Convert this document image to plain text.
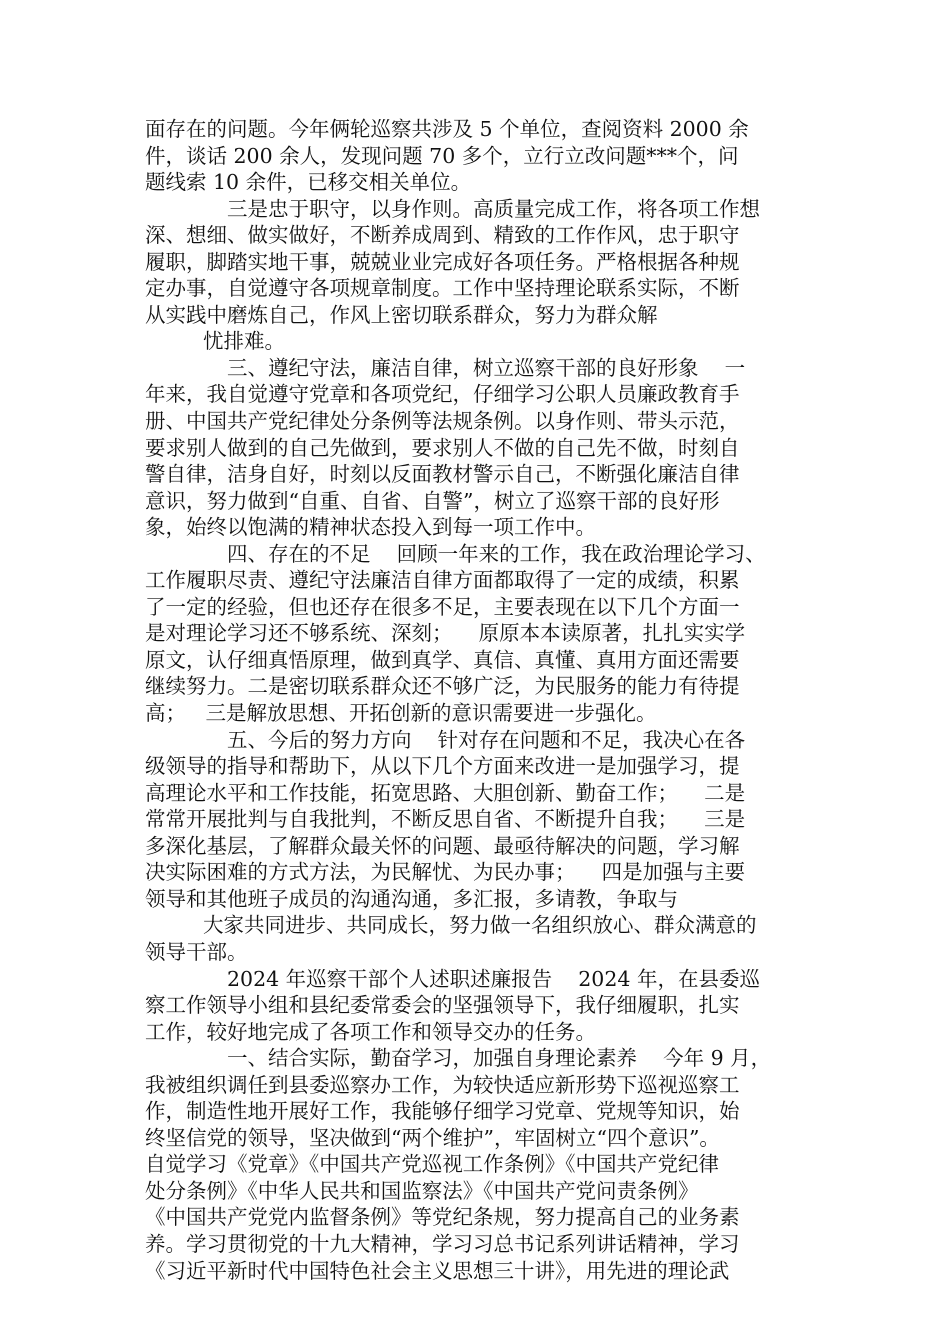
面存在的问题。今年俩轮巡察共涉及 5 个单位，查阅资料 2000 余
件，谈话 200 余人，发现问题 70 多个，立行立改问题***个，问
题线索 10 余件，已移交相关单位。
三是忠于职守，以身作则。高质量完成工作，将各项工作想
深、想细、做实做好，不断养成周到、精致的工作作风，忠于职守
履职，脚踏实地干事，兢兢业业完成好各项任务。严格根据各种规
定办事，自觉遵守各项规章制度。工作中坚持理论联系实际，不断
从实践中磨炼自己，作风上密切联系群众，努力为群众解
忧排难。
三、遵纪守法，廉洁自律，树立巡察干部的良好形象    一
年来，我自觉遵守党章和各项党纪，仔细学习公职人员廉政教育手
册、中国共产党纪律处分条例等法规条例。以身作则、带头示范，
要求别人做到的自己先做到，要求别人不做的自己先不做，时刻自
警自律，洁身自好，时刻以反面教材警示自己，不断强化廉洁自律
意识，努力做到“自重、自省、自警”，树立了巡察干部的良好形
象，始终以饱满的精神状态投入到每一项工作中。
四、存在的不足    回顾一年来的工作，我在政治理论学习、
工作履职尽责、遵纪守法廉洁自律方面都取得了一定的成绩，积累
了一定的经验，但也还存在很多不足，主要表现在以下几个方面一
是对理论学习还不够系统、深刻；    原原本本读原著，扎扎实实学
原文，认仔细真悟原理，做到真学、真信、真懂、真用方面还需要
继续努力。二是密切联系群众还不够广泛，为民服务的能力有待提
高；   三是解放思想、开拓创新的意识需要进一步强化。
五、今后的努力方向    针对存在问题和不足，我决心在各
级领导的指导和帮助下，从以下几个方面来改进一是加强学习，提
高理论水平和工作技能，拓宽思路、大胆创新、勤奋工作；    二是
常常开展批判与自我批判，不断反思自省、不断提升自我；    三是
多深化基层，了解群众最关怀的问题、最亟待解决的问题，学习解
决实际困难的方式方法，为民解忧、为民办事；    四是加强与主要
领导和其他班子成员的沟通沟通，多汇报，多请教，争取与
大家共同进步、共同成长，努力做一名组织放心、群众满意的
领导干部。
2024 年巡察干部个人述职述廉报告    2024 年，在县委巡
察工作领导小组和县纪委常委会的坚强领导下，我仔细履职，扎实
工作，较好地完成了各项工作和领导交办的任务。
一、结合实际，勤奋学习，加强自身理论素养    今年 9 月，
我被组织调任到县委巡察办工作，为较快适应新形势下巡视巡察工
作，制造性地开展好工作，我能够仔细学习党章、党规等知识，始
终坚信党的领导，坚决做到“两个维护”，牢固树立“四个意识”。
自觉学习《党章》《中国共产党巡视工作条例》《中国共产党纪律
处分条例》《中华人民共和国监察法》《中国共产党问责条例》
《中国共产党党内监督条例》等党纪条规，努力提高自己的业务素
养。学习贯彻党的十九大精神，学习习总书记系列讲话精神，学习
《习近平新时代中国特色社会主义思想三十讲》，用先进的理论武
